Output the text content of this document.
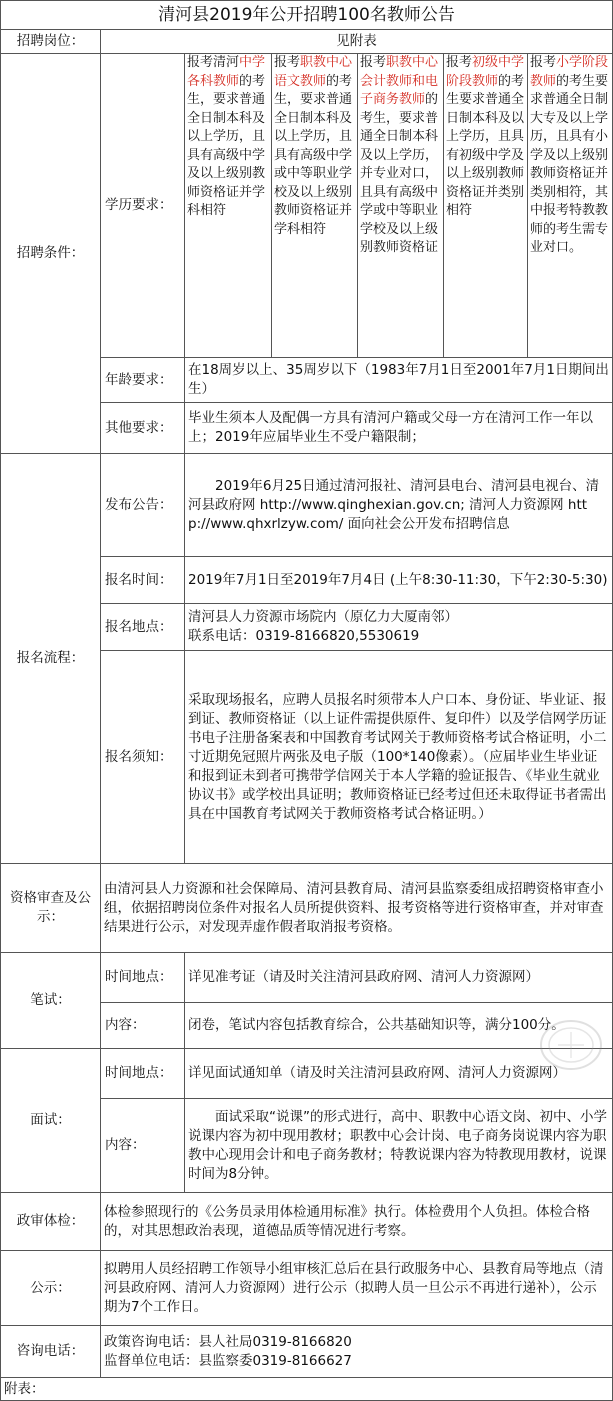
清河县2019年公开招聘100名教师公告						
招聘岗位：	见附表					
招聘条件：	学历要求：	报考清河中学各科教师的考生，要求普通全日制本科及以上学历，且具有高级中学及以上级别教师资格证并学科相符	报考职教中心语文教师的考生，要求普通全日制本科及以上学历，且具有高级中学或中等职业学校及以上级别教师资格证并学科相符	报考职教中心会计教师和电子商务教师的考生，要求普通全日制本科及以上学历，并专业对口，且具有高级中学或中等职业学校及以上级别教师资格证	报考初级中学阶段教师的考生要求普通全日制本科及以上学历，且具有初级中学及以上级别教师资格证并类别相符	报考小学阶段教师的考生要求普通全日制大专及以上学历，且具有小学及以上级别教师资格证并类别相符，其中报考特教教师的考生需专业对口。
	年龄要求：	在18周岁以上、35周岁以下（1983年7月1日至2001年7月1日期间出生）				
	其他要求：	毕业生须本人及配偶一方具有清河户籍或父母一方在清河工作一年以上；2019年应届毕业生不受户籍限制；				
报名流程：	发布公告：	2019年6月25日通过清河报社、清河县电台、清河县电视台、清河县政府网 http://www.qinghexian.gov.cn; 清河人力资源网 http://www.qhxrlzyw.com/ 面向社会公开发布招聘信息				
	报名时间：	2019年7月1日至2019年7月4日 (上午8:30-11:30，下午2:30-5:30)				
	报名地点：	清河县人力资源市场院内（原亿力大厦南邻）
联系电话：0319-8166820,5530619				

	报名须知：	采取现场报名，应聘人员报名时须带本人户口本、身份证、毕业证、报到证、教师资格证（以上证件需提供原件、复印件）以及学信网学历证书电子注册备案表和中国教育考试网关于教师资格考试合格证明，小二寸近期免冠照片两张及电子版（100*140像素）。（应届毕业生毕业证和报到证未到者可携带学信网关于本人学籍的验证报告、《毕业生就业协议书》或学校出具证明；教师资格证已经考过但还未取得证书者需出具在中国教育考试网关于教师资格考试合格证明。）				
资格审查及公示：	由清河县人力资源和社会保障局、清河县教育局、清河县监察委组成招聘资格审查小组，依据招聘岗位条件对报名人员所提供资料、报考资格等进行资格审查，并对审查结果进行公示，对发现弄虚作假者取消报考资格。					
笔试：	时间地点：	详见准考证（请及时关注清河县政府网、清河人力资源网）				
	内容：	闭卷，笔试内容包括教育综合，公共基础知识等，满分100分。				
面试：	时间地点：	详见面试通知单（请及时关注清河县政府网、清河人力资源网）				
	内容：	面试采取“说课”的形式进行，高中、职教中心语文岗、初中、小学说课内容为初中现用教材；职教中心会计岗、电子商务岗说课内容为职教中心现用会计和电子商务教材；特教说课内容为特教现用教材，说课时间为8分钟。				
政审体检：	体检参照现行的《公务员录用体检通用标准》执行。体检费用个人负担。体检合格的，对其思想政治表现，道德品质等情况进行考察。					
公示：	拟聘用人员经招聘工作领导小组审核汇总后在县行政服务中心、县教育局等地点（清河县政府网、清河人力资源网）进行公示（拟聘人员一旦公示不再进行递补），公示期为7个工作日。					
咨询电话：	政策咨询电话：县人社局0319-8166820
监督单位电话：县监察委0319-8166627					

附表：						
